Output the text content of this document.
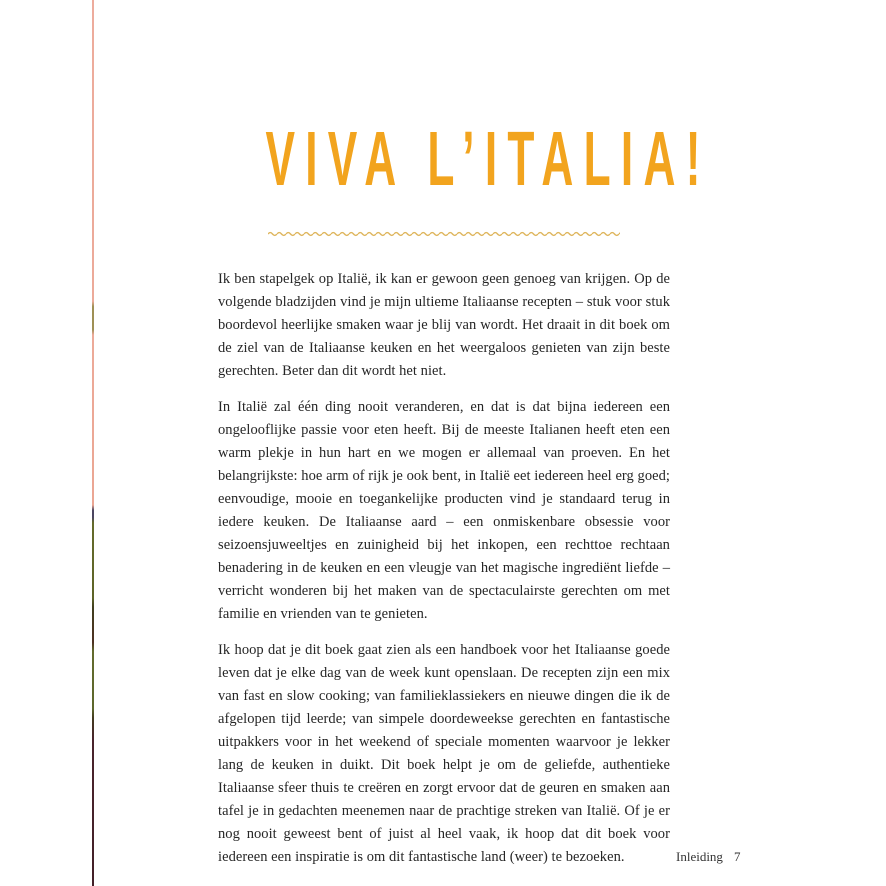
VIVA L’ITALIA!

Ik ben stapelgek op Italië, ik kan er gewoon geen genoeg van krijgen. Op de volgende bladzijden vind je mijn ultieme Italiaanse recepten – stuk voor stuk boordevol heerlijke smaken waar je blij van wordt. Het draait in dit boek om de ziel van de Italiaanse keuken en het weergaloos genieten van zijn beste gerechten. Beter dan dit wordt het niet.

In Italië zal één ding nooit veranderen, en dat is dat bijna iedereen een ongelooflijke passie voor eten heeft. Bij de meeste Italianen heeft eten een warm plekje in hun hart en we mogen er allemaal van proeven. En het belangrijkste: hoe arm of rijk je ook bent, in Italië eet iedereen heel erg goed; eenvoudige, mooie en toegankelijke producten vind je standaard terug in iedere keuken. De Italiaanse aard – een onmiskenbare obsessie voor seizoensjuweeltjes en zuinigheid bij het inkopen, een rechttoe rechtaan benadering in de keuken en een vleugje van het magische ingrediënt liefde – verricht wonderen bij het maken van de spectaculairste gerechten om met familie en vrienden van te genieten.

Ik hoop dat je dit boek gaat zien als een handboek voor het Italiaanse goede leven dat je elke dag van de week kunt openslaan. De recepten zijn een mix van fast en slow cooking; van familieklassiekers en nieuwe dingen die ik de afgelopen tijd leerde; van simpele doordeweekse gerechten en fantastische uitpakkers voor in het weekend of speciale momenten waarvoor je lekker lang de keuken in duikt. Dit boek helpt je om de geliefde, authentieke Italiaanse sfeer thuis te creëren en zorgt ervoor dat de geuren en smaken aan tafel je in gedachten meenemen naar de prachtige streken van Italië. Of je er nog nooit geweest bent of juist al heel vaak, ik hoop dat dit boek voor iedereen een inspiratie is om dit fantastische land (weer) te bezoeken.	Inleiding 7
